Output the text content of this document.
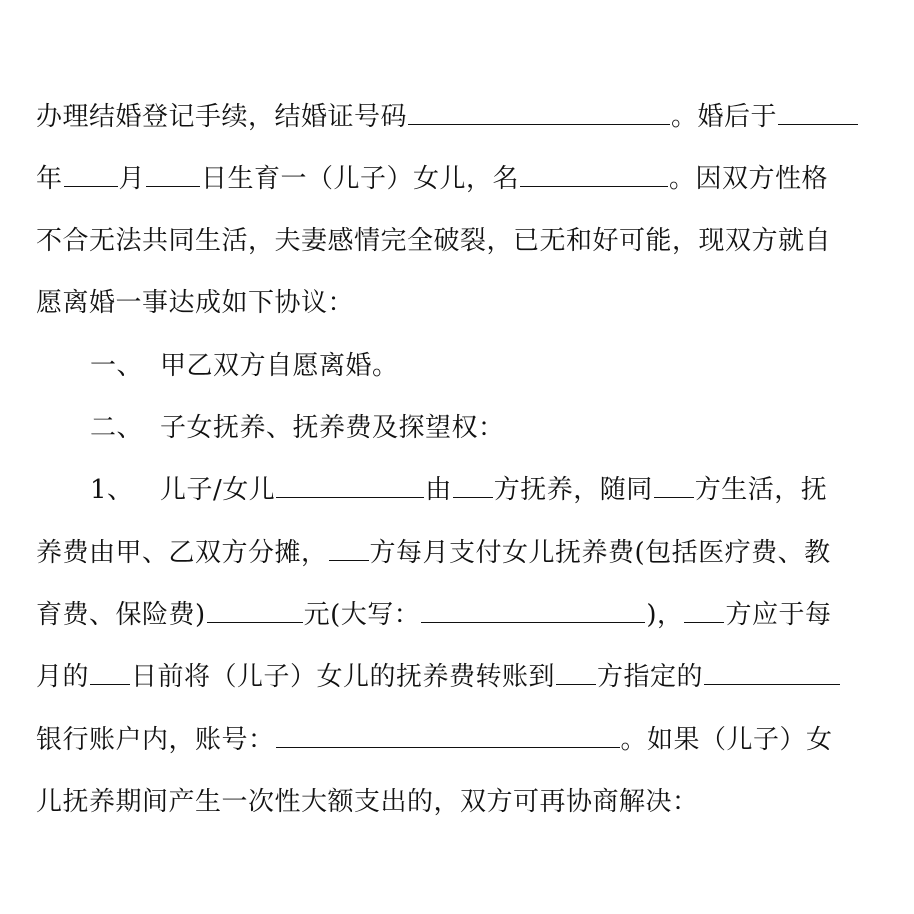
办理结婚登记手续，结婚证号码	。婚后于
年 月 日生育一（儿子）女儿，名	。因双方性格
不合无法共同生活，夫妻感情完全破裂，已无和好可能，现双方就自
愿离婚一事达成如下协议：
一、 甲乙双方自愿离婚。
二、 子女抚养、抚养费及探望权：
1、 儿子/女儿	由 方抚养，随同 方生活，抚
养费由甲、乙双方分摊， 方每月支付女儿抚养费(包括医疗费、教
育费、保险费)	元(大写：	)， 方应于每
月的 日前将（儿子）女儿的抚养费转账到 方指定的
银行账户内，账号：	。如果（儿子）女
儿抚养期间产生一次性大额支出的，双方可再协商解决：
